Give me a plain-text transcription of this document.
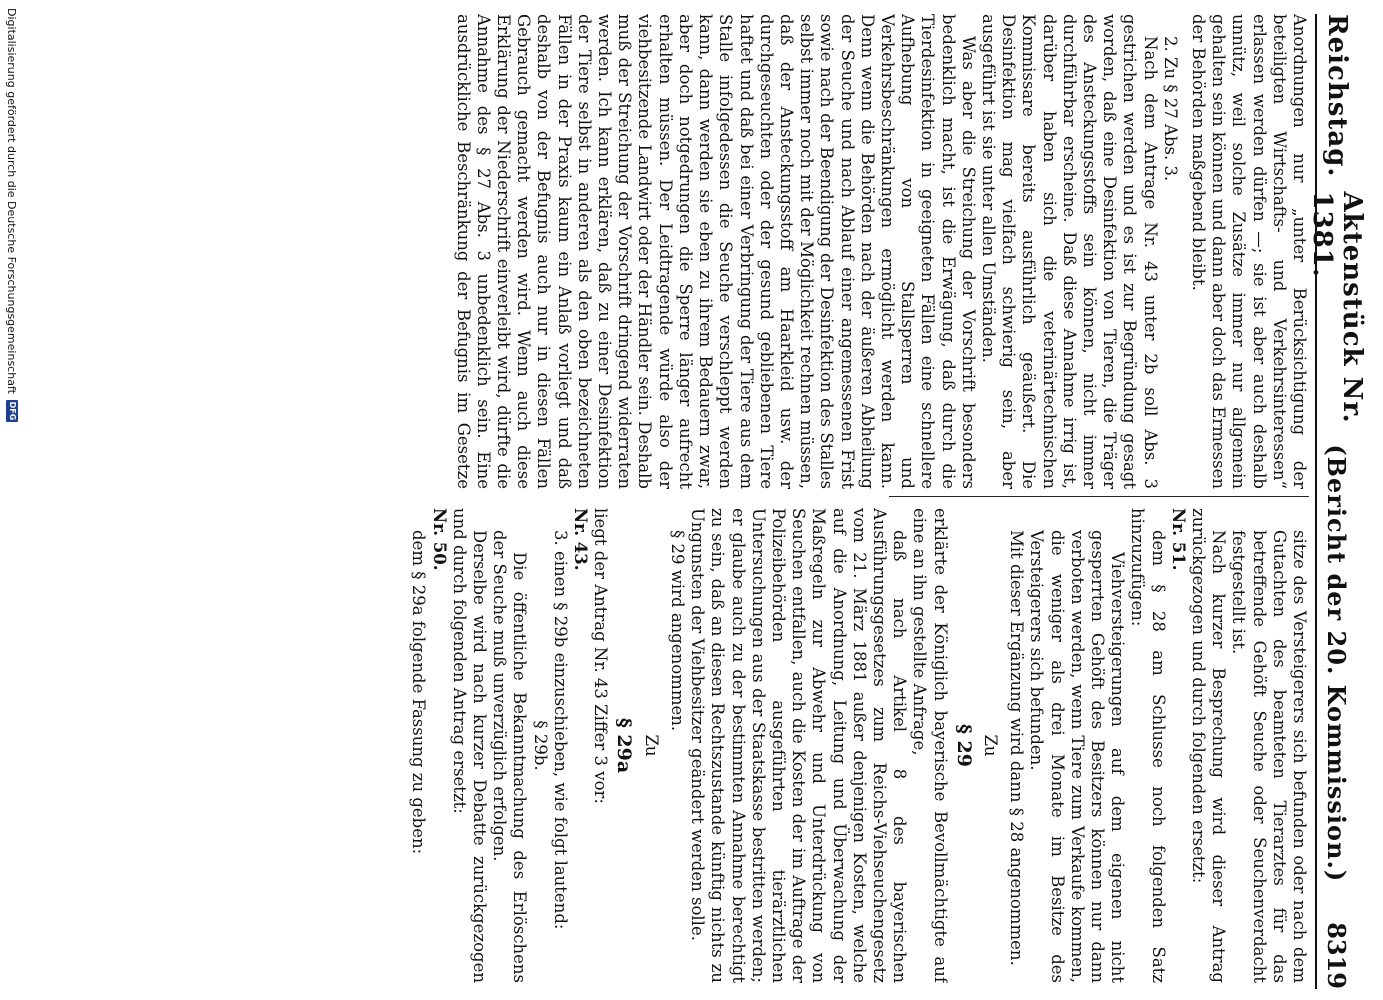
Reichstag.
Aktenstück Nr. 1381.
(Bericht der 20. Kommission.)
8319

Anordnungen nur „unter Berücksichtigung der beteiligten Wirtschafts- und Verkehrsinteressen“ erlassen werden dürfen —; sie ist aber auch deshalb unnütz, weil solche Zusätze immer nur allgemein gehalten sein können und dann aber doch das Ermessen der Behörden maßgebend bleibt.

2. Zu § 27 Abs. 3.

Nach dem Antrage Nr. 43 unter 2b soll Abs. 3 gestrichen werden und es ist zur Begründung gesagt worden, daß eine Desinfektion von Tieren, die Träger des Ansteckungsstoffs sein können, nicht immer durchführbar erscheine. Daß diese Annahme irrig ist, darüber haben sich die veterinärtechnischen Kommissare bereits ausführlich geäußert. Die Desinfektion mag vielfach schwierig sein, aber ausgeführt ist sie unter allen Umständen.

Was aber die Streichung der Vorschrift besonders bedenklich macht, ist die Erwägung, daß durch die Tierdesinfektion in geeigneten Fällen eine schnellere Aufhebung von Stallsperren und Verkehrsbeschränkungen ermöglicht werden kann. Denn wenn die Behörden nach der äußeren Abheilung der Seuche und nach Ablauf einer angemessenen Frist sowie nach der Beendigung der Desinfektion des Stalles selbst immer noch mit der Möglichkeit rechnen müssen, daß der Ansteckungsstoff am Haarkleid usw. der durchgeseuchten oder der gesund gebliebenen Tiere haftet und daß bei einer Verbringung der Tiere aus dem Stalle infolgedessen die Seuche verschleppt werden kann, dann werden sie eben zu ihrem Bedauern zwar, aber doch notgedrungen die Sperre länger aufrecht erhalten müssen. Der Leidtragende würde also der viehbesitzende Landwirt oder der Händler sein. Deshalb muß der Streichung der Vorschrift dringend widerraten werden. Ich kann erklären, daß zu einer Desinfektion der Tiere selbst in anderen als den oben bezeichneten Fällen in der Praxis kaum ein Anlaß vorliegt und daß deshalb von der Befugnis auch nur in diesen Fällen Gebrauch gemacht werden wird. Wenn auch diese Erklärung der Niederschrift einverleibt wird, dürfte die Annahme des § 27 Abs. 3 unbedenklich sein. Eine ausdrückliche Beschränkung der Befugnis im Gesetze

sitze des Versteigerers sich befunden oder nach dem Gutachten des beamteten Tierarztes für das betreffende Gehöft Seuche oder Seuchenverdacht festgestellt ist.

Nach kurzer Besprechung wird dieser Antrag zurückgezogen und durch folgenden ersetzt:

Nr. 51.

dem § 28 am Schlusse noch folgenden Satz hinzuzufügen:

Viehversteigerungen auf dem eigenen nicht gesperrten Gehöft des Besitzers können nur dann verboten werden, wenn Tiere zum Verkaufe kommen, die weniger als drei Monate im Besitze des Versteigerers sich befunden.

Mit dieser Ergänzung wird dann § 28 angenommen.

Zu

§ 29

erklärte der Königlich bayerische Bevollmächtigte auf eine an ihn gestellte Anfrage,

daß nach Artikel 8 des bayerischen Ausführungsgesetzes zum Reichs-Viehseuchengesetz vom 21. März 1881 außer denjenigen Kosten, welche auf die Anordnung, Leitung und Überwachung der Maßregeln zur Abwehr und Unterdrückung von Seuchen entfallen, auch die Kosten der im Auftrage der Polizeibehörden ausgeführten tierärztlichen Untersuchungen aus der Staatskasse bestritten werden; er glaube auch zu der bestimmten Annahme berechtigt zu sein, daß an diesen Rechtszustande künftig nichts zu Ungunsten der Viehbesitzer geändert werden solle.

§ 29 wird angenommen.

Zu

§ 29a

liegt der Antrag Nr. 43 Ziffer 3 vor:

Nr. 43.

3. einen § 29b einzuschieben, wie folgt lautend:

§ 29b.

Die öffentliche Bekanntmachung des Erlöschens der Seuche muß unverzüglich erfolgen.

Derselbe wird nach kurzer Debatte zurückgezogen und durch folgenden Antrag ersetzt:

Nr. 50.

dem § 29a folgende Fassung zu geben:

Digitalisierung gefördert durch die Deutsche Forschungsgemeinschaft
DFG
